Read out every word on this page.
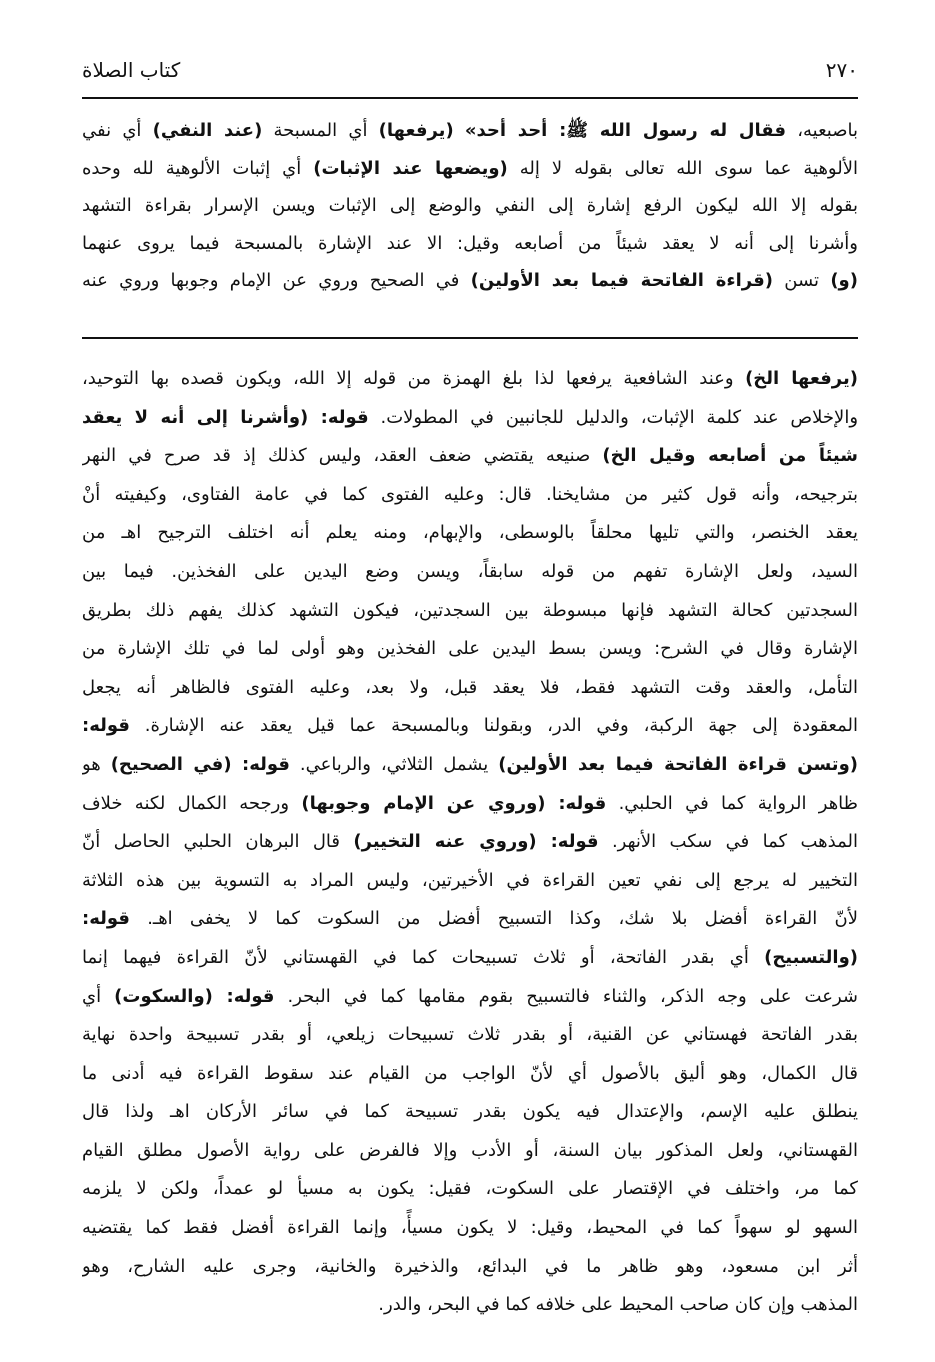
٢٧٠
كتاب الصلاة
باصبعيه، فقال له رسول الله ﷺ: أحد أحد» (يرفعها) أي المسبحة (عند النفي) أي نفي
الألوهية عما سوى الله تعالى بقوله لا إله (ويضعها عند الإثبات) أي إثبات الألوهية لله وحده
بقوله إلا الله ليكون الرفع إشارة إلى النفي والوضع إلى الإثبات ويسن الإسرار بقراءة التشهد
وأشرنا إلى أنه لا يعقد شيئاً من أصابعه وقيل: الا عند الإشارة بالمسبحة فيما يروى عنهما
(و) تسن (قراءة الفاتحة فيما بعد الأولين) في الصحيح وروي عن الإمام وجوبها وروي عنه
(يرفعها الخ) وعند الشافعية يرفعها لذا بلغ الهمزة من قوله إلا الله، ويكون قصده بها التوحيد،
والإخلاص عند كلمة الإثبات، والدليل للجانبين في المطولات. قوله: (وأشرنا إلى أنه لا يعقد
شيئاً من أصابعه وقيل الخ) صنيعه يقتضي ضعف العقد، وليس كذلك إذ قد صرح في النهر
بترجيحه، وأنه قول كثير من مشايخنا. قال: وعليه الفتوى كما في عامة الفتاوى، وكيفيته أنْ
يعقد الخنصر، والتي تليها محلقاً بالوسطى، والإبهام، ومنه يعلم أنه اختلف الترجيح اهـ من
السيد، ولعل الإشارة تفهم من قوله سابقاً، ويسن وضع اليدين على الفخذين. فيما بين
السجدتين كحالة التشهد فإنها مبسوطة بين السجدتين، فيكون التشهد كذلك يفهم ذلك بطريق
الإشارة وقال في الشرح: ويسن بسط اليدين على الفخذين وهو أولى لما في تلك الإشارة من
التأمل، والعقد وقت التشهد فقط، فلا يعقد قبل، ولا بعد، وعليه الفتوى فالظاهر أنه يجعل
المعقودة إلى جهة الركبة، وفي الدر، وبقولنا وبالمسبحة عما قيل يعقد عنه الإشارة. قوله:
(وتسن قراءة الفاتحة فيما بعد الأولين) يشمل الثلاثي، والرباعي. قوله: (في الصحيح) هو
ظاهر الرواية كما في الحلبي. قوله: (وروي عن الإمام وجوبها) ورجحه الكمال لكنه خلاف
المذهب كما في سكب الأنهر. قوله: (وروي عنه التخيير) قال البرهان الحلبي الحاصل أنّ
التخيير له يرجع إلى نفي تعين القراءة في الأخيرتين، وليس المراد به التسوية بين هذه الثلاثة
لأنّ القراءة أفضل بلا شك، وكذا التسبيح أفضل من السكوت كما لا يخفى اهـ. قوله:
(والتسبيح) أي بقدر الفاتحة، أو ثلاث تسبيحات كما في القهستاني لأنّ القراءة فيهما إنما
شرعت على وجه الذكر، والثناء فالتسبيح بقوم مقامها كما في البحر. قوله: (والسكوت) أي
بقدر الفاتحة فهستاني عن القنية، أو بقدر ثلاث تسبيحات زيلعي، أو بقدر تسبيحة واحدة نهاية
قال الكمال، وهو أليق بالأصول أي لأنّ الواجب من القيام عند سقوط القراءة فيه أدنى ما
ينطلق عليه الإسم، والإعتدال فيه يكون بقدر تسبيحة كما في سائر الأركان اهـ ولذا قال
القهستاني، ولعل المذكور بيان السنة، أو الأدب وإلا فالفرض على رواية الأصول مطلق القيام
كما مر، واختلف في الإقتصار على السكوت، فقيل: يكون به مسيأ لو عمداً، ولكن لا يلزمه
السهو لو سهواً كما في المحيط، وقيل: لا يكون مسيأً، وإنما القراءة أفضل فقط كما يقتضيه
أثر ابن مسعود، وهو ظاهر ما في البدائع، والذخيرة والخانية، وجرى عليه الشارح، وهو
المذهب وإن كان صاحب المحيط على خلافه كما في البحر، والدر.
